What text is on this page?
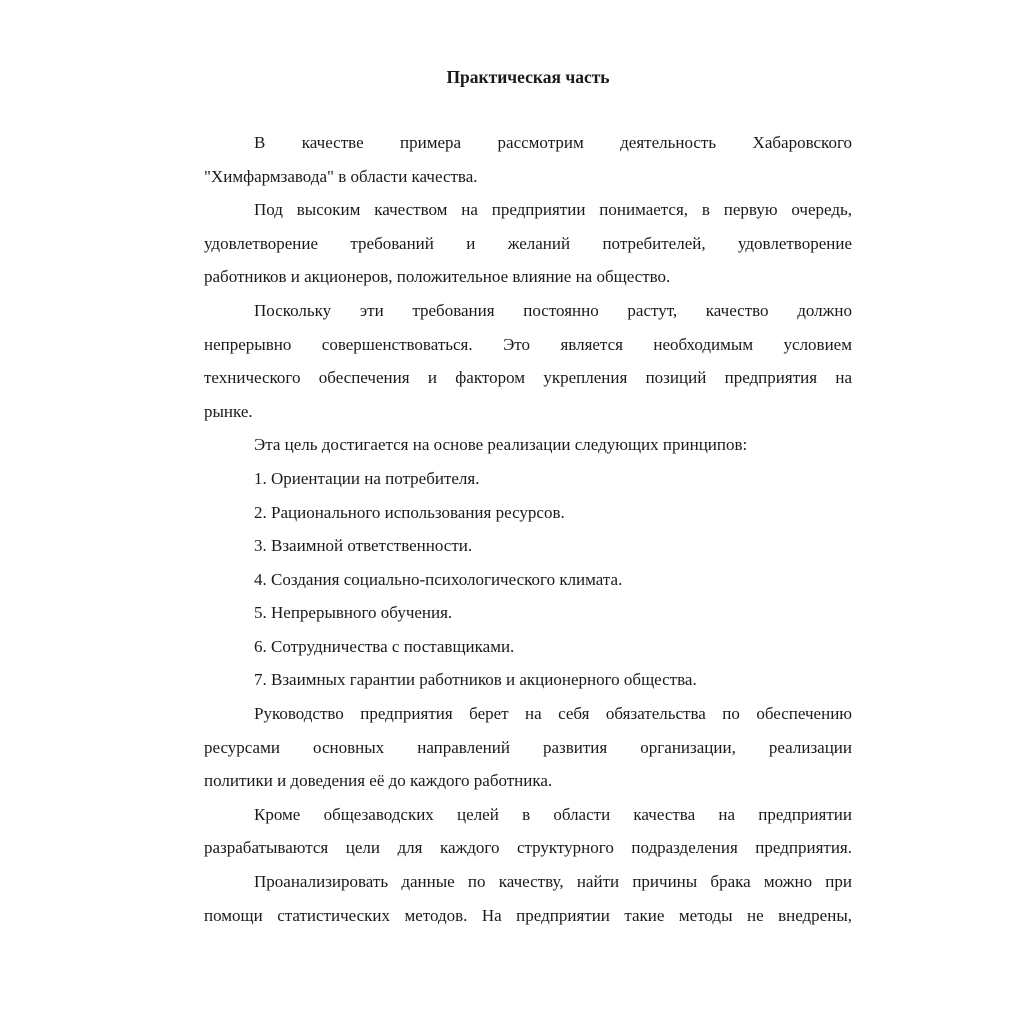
Практическая часть

В качестве примера рассмотрим деятельность Хабаровского

"Химфармзавода" в области качества.

Под высоким качеством на предприятии понимается, в первую очередь,

удовлетворение требований и желаний потребителей, удовлетворение

работников и акционеров, положительное влияние на общество.

Поскольку эти требования постоянно растут, качество должно

непрерывно совершенствоваться. Это является необходимым условием

технического обеспечения и фактором укрепления позиций предприятия на

рынке.

Эта цель достигается на основе реализации следующих принципов:

1. Ориентации на потребителя.

2. Рационального использования ресурсов.

3. Взаимной ответственности.

4. Создания социально-психологического климата.

5. Непрерывного обучения.

6. Сотрудничества с поставщиками.

7. Взаимных гарантии работников и акционерного общества.

Руководство предприятия берет на себя обязательства по обеспечению

ресурсами основных направлений развития организации, реализации

политики и доведения её до каждого работника.

Кроме общезаводских целей в области качества на предприятии

разрабатываются цели для каждого структурного подразделения предприятия.

Проанализировать данные по качеству, найти причины брака можно при

помощи статистических методов. На предприятии такие методы не внедрены,
